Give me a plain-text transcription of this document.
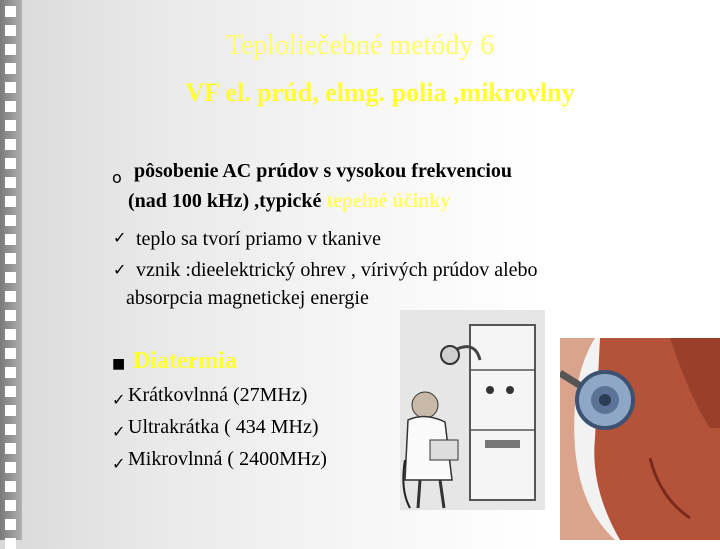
Teploliečebné metódy 6
VF el. prúd, elmg. polia ,mikrovlny
o pôsobenie AC prúdov s vysokou frekvenciou
(nad 100 kHz) ,typické tepelné účinky
✓ teplo sa tvorí priamo v tkanive
✓ vznik :dieelektrický ohrev , vírivých prúdov alebo
absorpcia magnetickej energie
■ Diatermia
✓ Krátkovlnná (27MHz)
✓ Ultrakrátka ( 434 MHz)
✓ Mikrovlnná ( 2400MHz)
